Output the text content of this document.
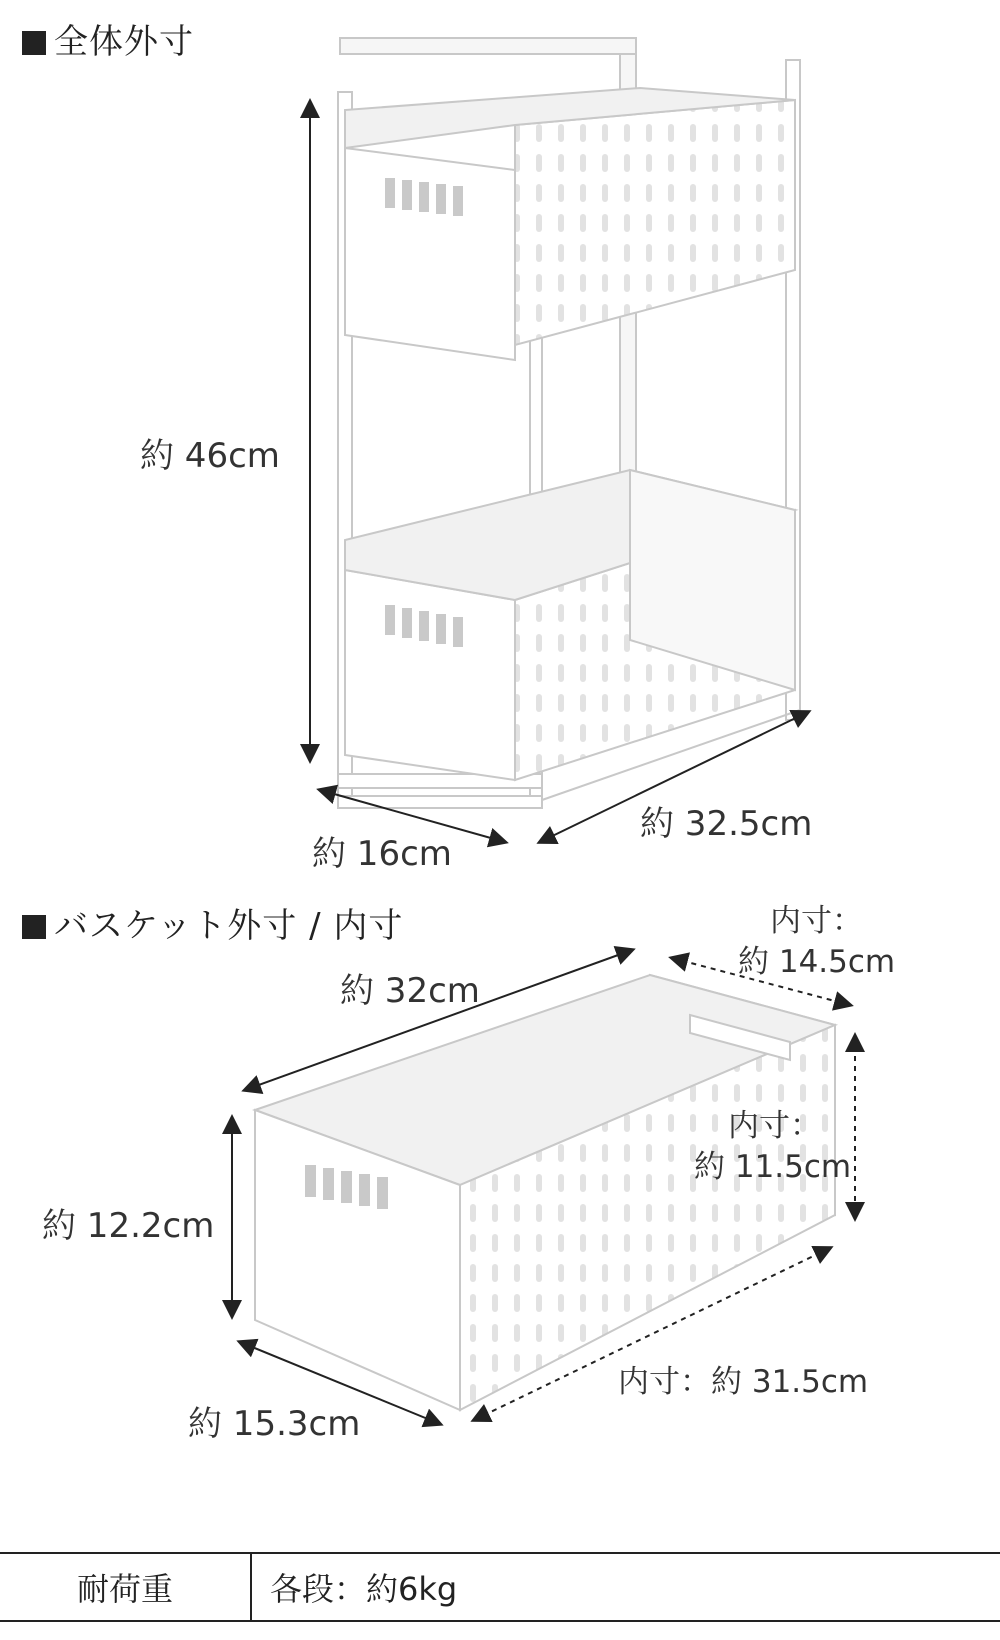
全体外寸
約 46cm
約 16cm
約 32.5cm
バスケット外寸 / 内寸
約 32cm
内寸：
約 14.5cm
約 12.2cm
内寸：
約 11.5cm
約 15.3cm
内寸：約 31.5cm
耐荷重	各段：約6kg
